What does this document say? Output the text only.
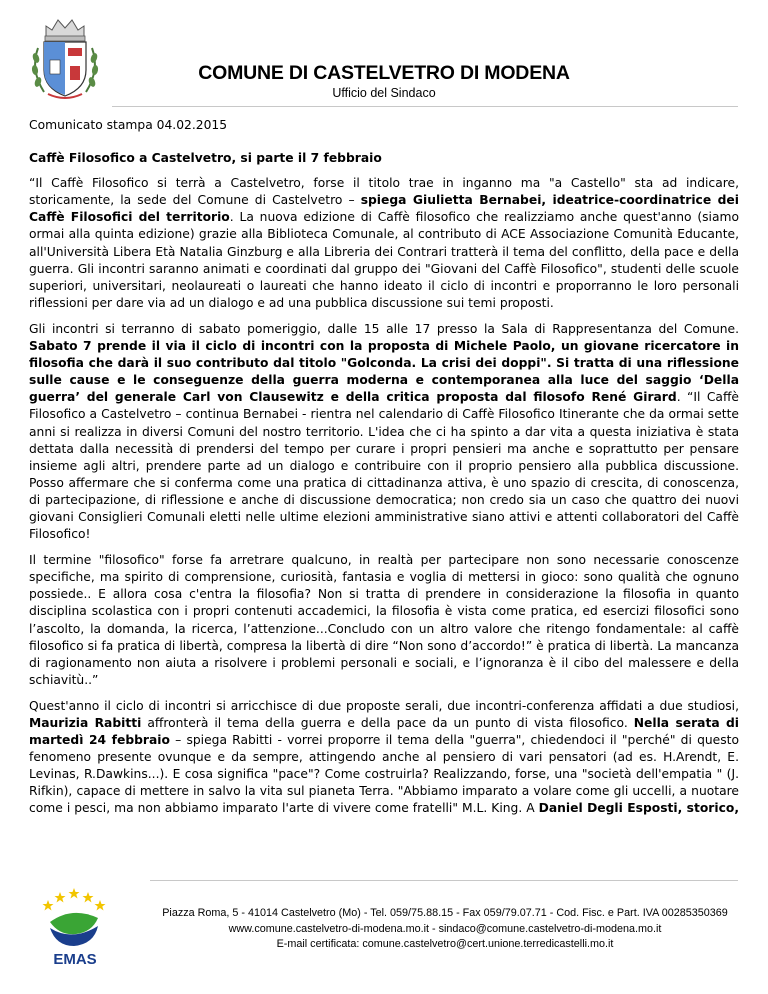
COMUNE DI CASTELVETRO DI MODENA
Ufficio del Sindaco

Comunicato stampa 04.02.2015

Caffè Filosofico a Castelvetro, si parte il 7 febbraio

“Il Caffè Filosofico si terrà a Castelvetro, forse il titolo trae in inganno ma "a Castello" sta ad indicare, storicamente, la sede del Comune di Castelvetro – spiega Giulietta Bernabei, ideatrice-coordinatrice dei Caffè Filosofici del territorio. La nuova edizione di Caffè filosofico che realizziamo anche quest'anno (siamo ormai alla quinta edizione) grazie alla Biblioteca Comunale, al contributo di ACE Associazione Comunità Educante, all'Università Libera Età Natalia Ginzburg e alla Libreria dei Contrari tratterà il tema del conflitto, della pace e della guerra. Gli incontri saranno animati e coordinati dal gruppo dei "Giovani del Caffè Filosofico", studenti delle scuole superiori, universitari, neolaureati o laureati che hanno ideato il ciclo di incontri e proporranno le loro personali riflessioni per dare via ad un dialogo e ad una pubblica discussione sui temi proposti.

Gli incontri si terranno di sabato pomeriggio, dalle 15 alle 17 presso la Sala di Rappresentanza del Comune. Sabato 7 prende il via il ciclo di incontri con la proposta di Michele Paolo, un giovane ricercatore in filosofia che darà il suo contributo dal titolo "Golconda. La crisi dei doppi". Si tratta di una riflessione sulle cause e le conseguenze della guerra moderna e contemporanea alla luce del saggio ‘Della guerra’ del generale Carl von Clausewitz e della critica proposta dal filosofo René Girard. “Il Caffè Filosofico a Castelvetro – continua Bernabei - rientra nel calendario di Caffè Filosofico Itinerante che da ormai sette anni si realizza in diversi Comuni del nostro territorio. L'idea che ci ha spinto a dar vita a questa iniziativa è stata dettata dalla necessità di prendersi del tempo per curare i propri pensieri ma anche e soprattutto per pensare insieme agli altri, prendere parte ad un dialogo e contribuire con il proprio pensiero alla pubblica discussione. Posso affermare che si conferma come una pratica di cittadinanza attiva, è uno spazio di crescita, di conoscenza, di partecipazione, di riflessione e anche di discussione democratica; non credo sia un caso che quattro dei nuovi giovani Consiglieri Comunali eletti nelle ultime elezioni amministrative siano attivi e attenti collaboratori del Caffè Filosofico!

Il termine "filosofico" forse fa arretrare qualcuno, in realtà per partecipare non sono necessarie conoscenze specifiche, ma spirito di comprensione, curiosità, fantasia e voglia di mettersi in gioco: sono qualità che ognuno possiede.. E allora cosa c'entra la filosofia? Non si tratta di prendere in considerazione la filosofia in quanto disciplina scolastica con i propri contenuti accademici, la filosofia è vista come pratica, ed esercizi filosofici sono l’ascolto, la domanda, la ricerca, l’attenzione...Concludo con un altro valore che ritengo fondamentale: al caffè filosofico si fa pratica di libertà, compresa la libertà di dire “Non sono d’accordo!” è pratica di libertà. La mancanza di ragionamento non aiuta a risolvere i problemi personali e sociali, e l’ignoranza è il cibo del malessere e della schiavitù..”

Quest'anno il ciclo di incontri si arricchisce di due proposte serali, due incontri-conferenza affidati a due studiosi, Maurizia Rabitti affronterà il tema della guerra e della pace da un punto di vista filosofico. Nella serata di martedì 24 febbraio – spiega Rabitti - vorrei proporre il tema della "guerra", chiedendoci il "perché" di questo fenomeno presente ovunque e da sempre, attingendo anche al pensiero di vari pensatori (ad es. H.Arendt, E. Levinas, R.Dawkins...). E cosa significa "pace"? Come costruirla? Realizzando, forse, una "società dell'empatia " (J. Rifkin), capace di mettere in salvo la vita sul pianeta Terra. "Abbiamo imparato a volare come gli uccelli, a nuotare come i pesci, ma non abbiamo imparato l'arte di vivere come fratelli" M.L. King. A Daniel Degli Esposti, storico,

EMAS
Piazza Roma, 5 - 41014 Castelvetro (Mo) - Tel. 059/75.88.15 - Fax 059/79.07.71 - Cod. Fisc. e Part. IVA 00285350369
www.comune.castelvetro-di-modena.mo.it - sindaco@comune.castelvetro-di-modena.mo.it
E-mail certificata: comune.castelvetro@cert.unione.terredicastelli.mo.it
